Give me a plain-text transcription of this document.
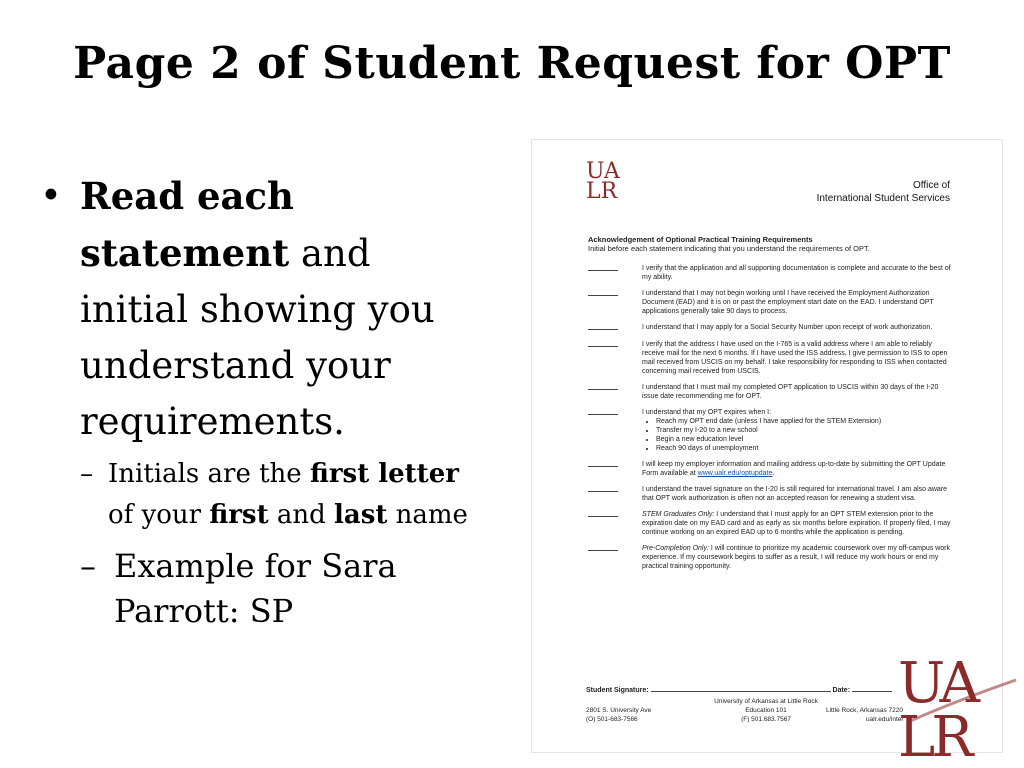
Page 2 of Student Request for OPT
• Read each statement and initial showing you understand your requirements.
– Initials are the first letter of your first and last name
– Example for Sara Parrott: SP
UA
LR	Office of
International Student Services
Acknowledgement of Optional Practical Training Requirements
Initial before each statement indicating that you understand the requirements of OPT.
I verify that the application and all supporting documentation is complete and accurate to the best of my ability.
I understand that I may not begin working until I have received the Employment Authorization Document (EAD) and it is on or past the employment start date on the EAD. I understand OPT applications generally take 90 days to process.
I understand that I may apply for a Social Security Number upon receipt of work authorization.
I verify that the address I have used on the I-765 is a valid address where I am able to reliably receive mail for the next 6 months. If I have used the ISS address, I give permission to ISS to open mail received from USCIS on my behalf. I take responsibility for responding to ISS when contacted concerning mail received from USCIS.
I understand that I must mail my completed OPT application to USCIS within 30 days of the I-20 issue date recommending me for OPT.
I understand that my OPT expires when I:
• Reach my OPT end date (unless I have applied for the STEM Extension)
• Transfer my I-20 to a new school
• Begin a new education level
• Reach 90 days of unemployment
I will keep my employer information and mailing address up-to-date by submitting the OPT Update Form available at www.ualr.edu/optupdate.
I understand the travel signature on the I-20 is still required for international travel. I am also aware that OPT work authorization is often not an accepted reason for renewing a student visa.
STEM Graduates Only: I understand that I must apply for an OPT STEM extension prior to the expiration date on my EAD card and as early as six months before expiration. If properly filed, I may continue working on an expired EAD up to 6 months while the application is pending.
Pre-Completion Only: I will continue to prioritize my academic coursework over my off-campus work experience. If my coursework begins to suffer as a result, I will reduce my work hours or end my practical training opportunity.
Student Signature:	Date:
University of Arkansas at Little Rock
2801 S. University Ave	Education 101	Little Rock, Arkansas 7220
(O) 501-683-7566	(F) 501.683.7567	ualr.edu/inter
UA
LR
